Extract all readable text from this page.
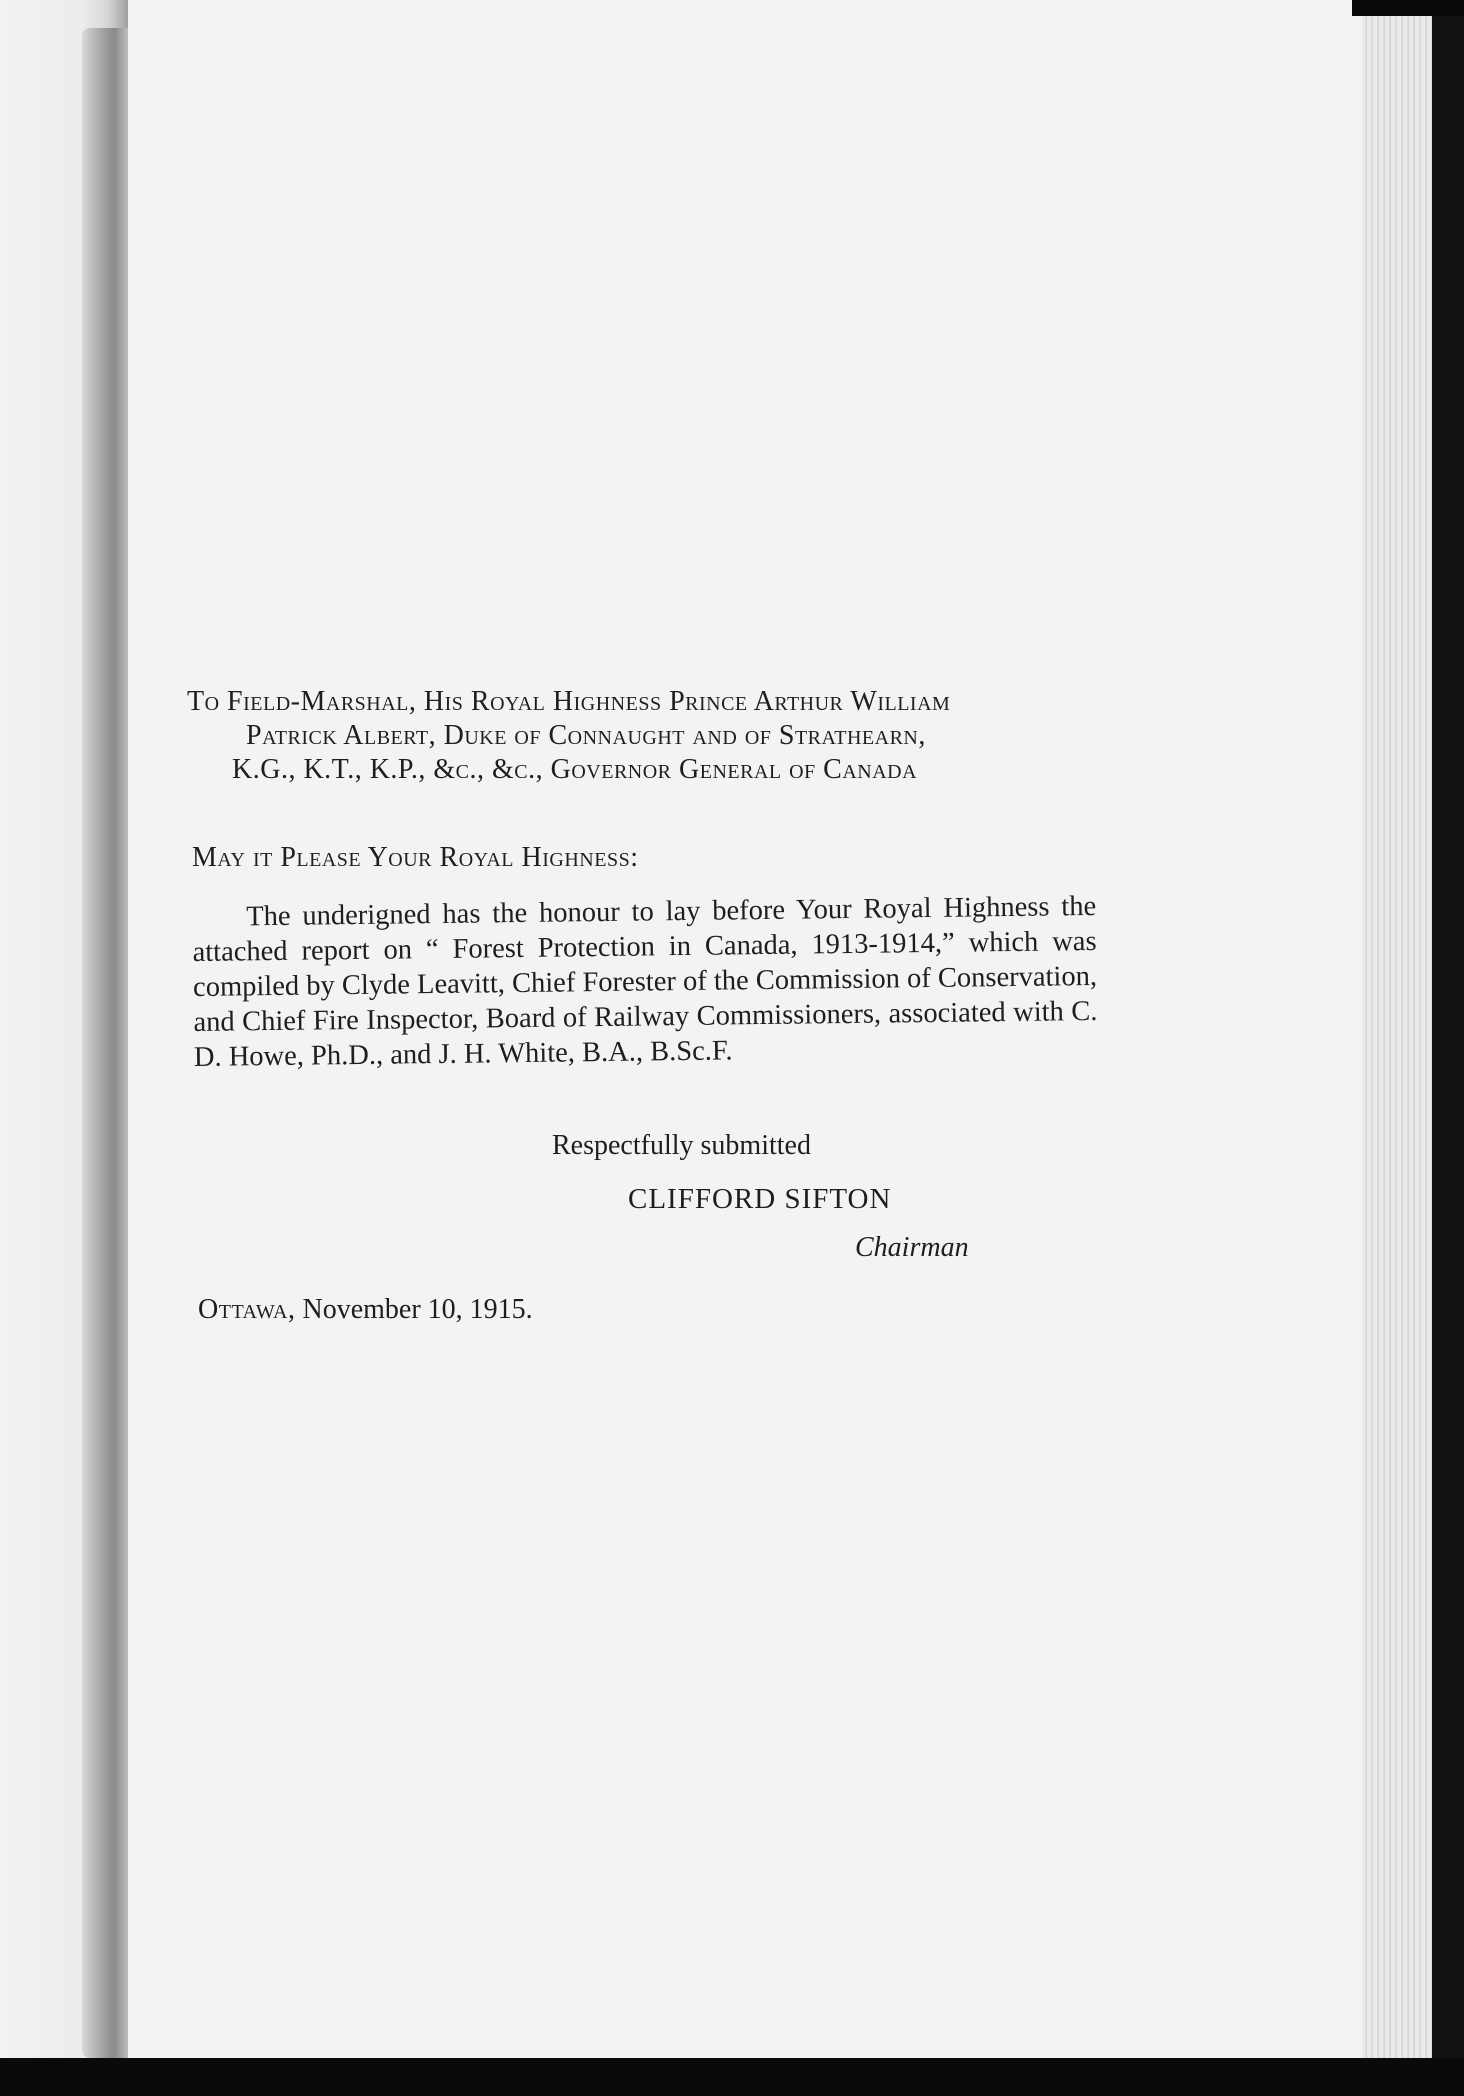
To Field-Marshal, His Royal Highness Prince Arthur William
Patrick Albert, Duke of Connaught and of Strathearn,
K.G., K.T., K.P., &c., &c., Governor General of Canada
May it Please Your Royal Highness:
The underigned has the honour to lay before Your Royal Highness the attached report on “ Forest Protection in Canada, 1913-1914,” which was compiled by Clyde Leavitt, Chief Forester of the Commission of Conservation, and Chief Fire Inspector, Board of Railway Commissioners, associated with C. D. Howe, Ph.D., and J. H. White, B.A., B.Sc.F.
Respectfully submitted
CLIFFORD SIFTON
Chairman
Ottawa, November 10, 1915.
